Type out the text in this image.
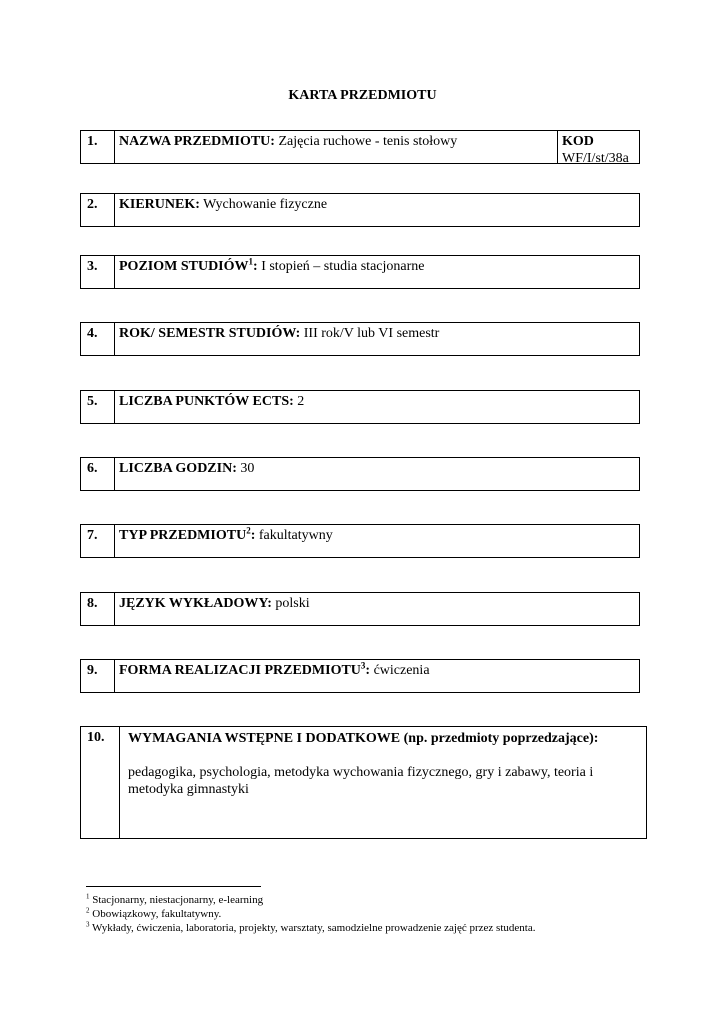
KARTA PRZEDMIOTU
1.	NAZWA PRZEDMIOTU: Zajęcia ruchowe - tenis stołowy	KOD
WF/I/st/38a
2.	KIERUNEK: Wychowanie fizyczne
3.	POZIOM STUDIÓW$^1$: I stopień – studia stacjonarne
4.	ROK/ SEMESTR STUDIÓW: III rok/V lub VI semestr
5.	LICZBA PUNKTÓW ECTS: 2
6.	LICZBA GODZIN: 30
7.	TYP PRZEDMIOTU$^2$: fakultatywny
8.	JĘZYK WYKŁADOWY: polski
9.	FORMA REALIZACJI PRZEDMIOTU$^3$: ćwiczenia
10.	WYMAGANIA WSTĘPNE I DODATKOWE (np. przedmioty poprzedzające):
pedagogika, psychologia, metodyka wychowania fizycznego, gry i zabawy, teoria i metodyka gimnastyki
$^1$ Stacjonarny, niestacjonarny, e-learning
$^2$ Obowiązkowy, fakultatywny.
$^3$ Wykłady, ćwiczenia, laboratoria, projekty, warsztaty, samodzielne prowadzenie zajęć przez studenta.
